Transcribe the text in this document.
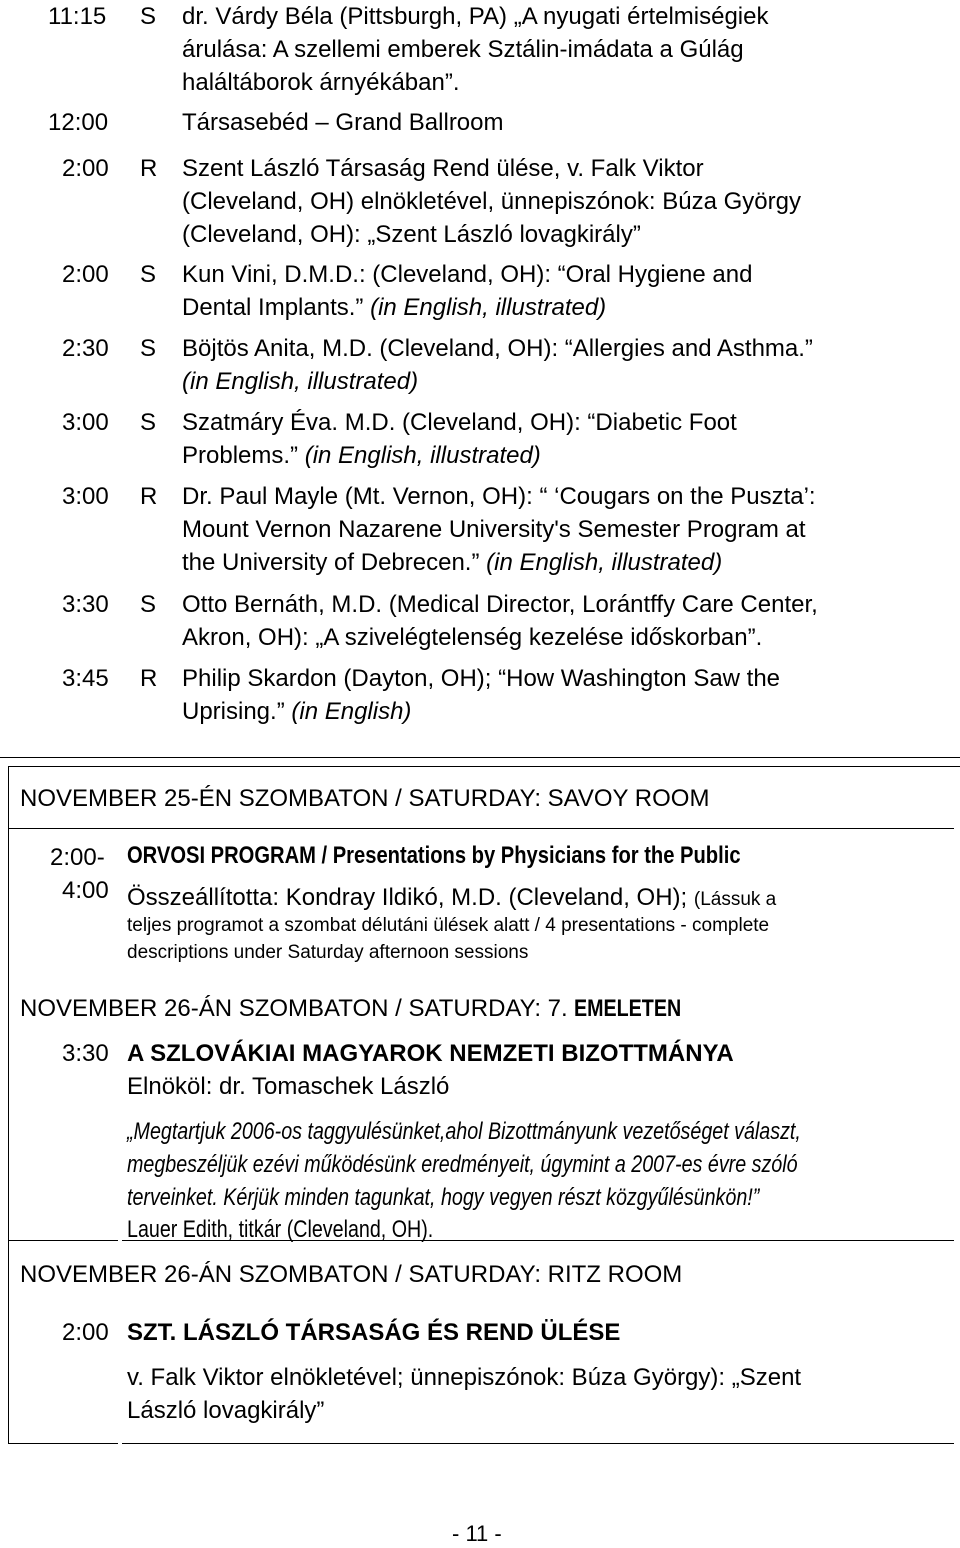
11:15 S dr. Várdy Béla (Pittsburgh, PA) „A nyugati értelmiségiek
árulása: A szellemi emberek Sztálin-imádata a Gúlág
haláltáborok árnyékában”.
12:00	Társasebéd – Grand Ballroom
2:00 R Szent László Társaság Rend ülése, v. Falk Viktor
(Cleveland, OH) elnökletével, ünnepiszónok: Búza György
(Cleveland, OH): „Szent László lovagkirály”
2:00 S Kun Vini, D.M.D.: (Cleveland, OH): “Oral Hygiene and
Dental Implants.” (in English, illustrated)
2:30 S Böjtös Anita, M.D. (Cleveland, OH): “Allergies and Asthma.”
(in English, illustrated)
3:00 S Szatmáry Éva. M.D. (Cleveland, OH): “Diabetic Foot
Problems.” (in English, illustrated)
3:00 R Dr. Paul Mayle (Mt. Vernon, OH): “ ‘Cougars on the Puszta’:
Mount Vernon Nazarene University's Semester Program at
the University of Debrecen.” (in English, illustrated)
3:30 S Otto Bernáth, M.D. (Medical Director, Lorántffy Care Center,
Akron, OH): „A szivelégtelenség kezelése időskorban”.
3:45 R Philip Skardon (Dayton, OH); “How Washington Saw the
Uprising.” (in English)
NOVEMBER 25-ÉN SZOMBATON / SATURDAY: SAVOY ROOM
2:00-
4:00
ORVOSI PROGRAM / Presentations by Physicians for the Public
Összeállította: Kondray Ildikó, M.D. (Cleveland, OH); (Lássuk a
teljes programot a szombat délutáni ülések alatt / 4 presentations - complete
descriptions under Saturday afternoon sessions
NOVEMBER 26-ÁN SZOMBATON / SATURDAY: 7. EMELETEN
3:30 A SZLOVÁKIAI MAGYAROK NEMZETI BIZOTTMÁNYA
Elnököl: dr. Tomaschek László
„Megtartjuk 2006-os taggyulésünket,ahol Bizottmányunk vezetőséget választ,
megbeszéljük ezévi működésünk eredményeit, úgymint a 2007-es évre szóló
terveinket. Kérjük minden tagunkat, hogy vegyen részt közgyűlésünkön!”
Lauer Edith, titkár (Cleveland, OH).
NOVEMBER 26-ÁN SZOMBATON / SATURDAY: RITZ ROOM
2:00 SZT. LÁSZLÓ TÁRSASÁG ÉS REND ÜLÉSE
v. Falk Viktor elnökletével; ünnepiszónok: Búza György): „Szent
László lovagkirály”
- 11 -
